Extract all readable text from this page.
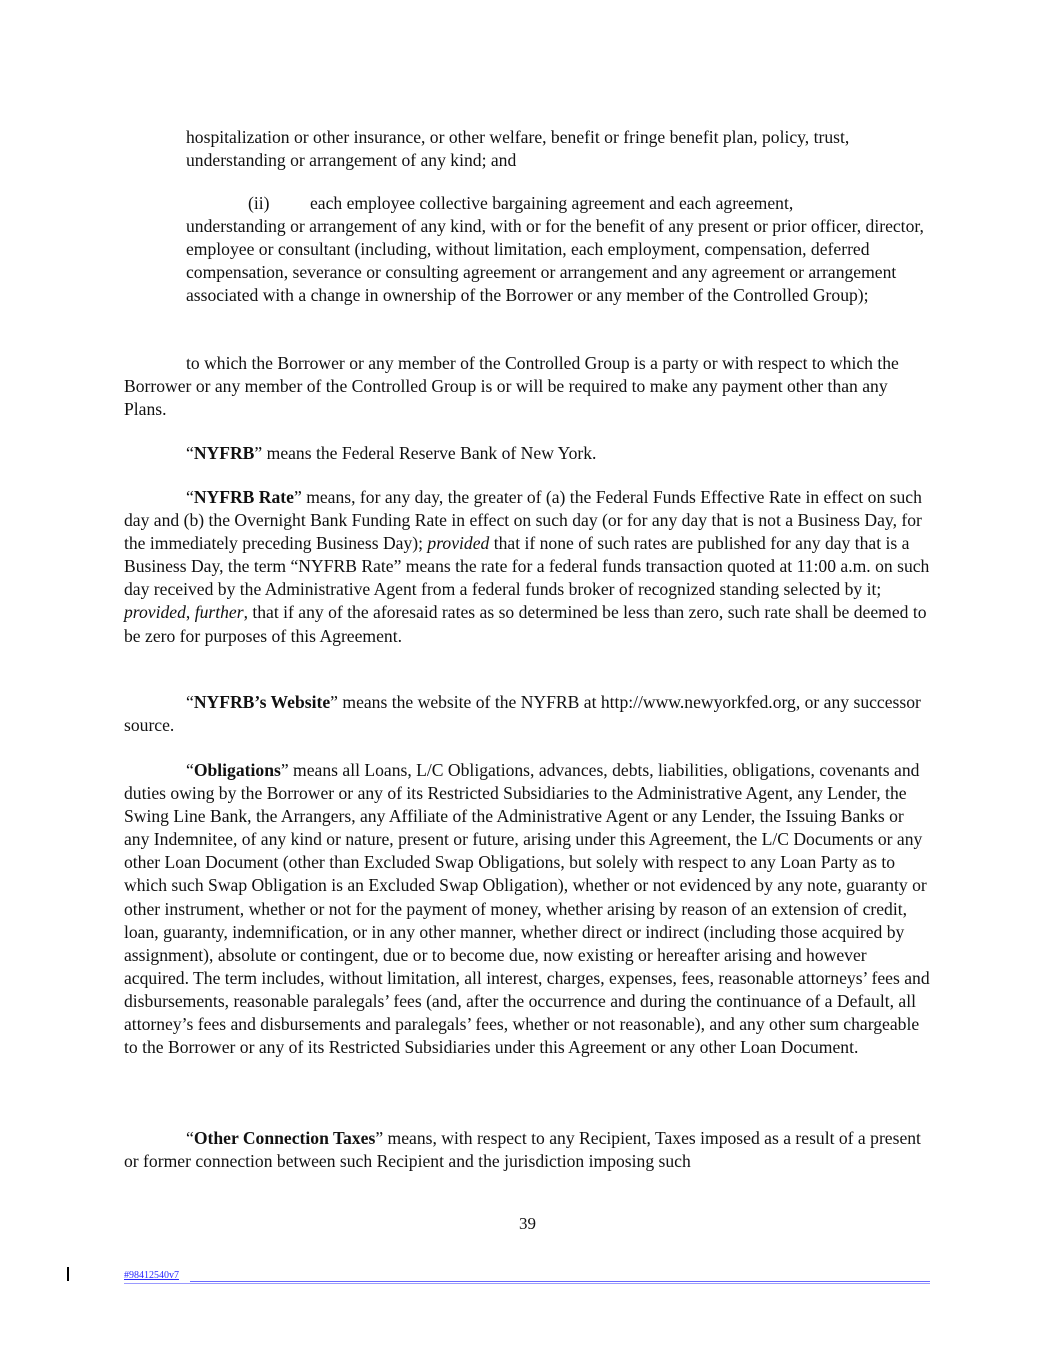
hospitalization or other insurance, or other welfare, benefit or fringe benefit plan, policy, trust, understanding or arrangement of any kind; and

(ii) each employee collective bargaining agreement and each agreement,
understanding or arrangement of any kind, with or for the benefit of any present or prior officer, director, employee or consultant (including, without limitation, each employment, compensation, deferred compensation, severance or consulting agreement or arrangement and any agreement or arrangement associated with a change in ownership of the Borrower or any member of the Controlled Group);

to which the Borrower or any member of the Controlled Group is a party or with respect to which the Borrower or any member of the Controlled Group is or will be required to make any payment other than any Plans.

“NYFRB” means the Federal Reserve Bank of New York.

“NYFRB Rate” means, for any day, the greater of (a) the Federal Funds Effective Rate in effect on such day and (b) the Overnight Bank Funding Rate in effect on such day (or for any day that is not a Business Day, for the immediately preceding Business Day); provided that if none of such rates are published for any day that is a Business Day, the term “NYFRB Rate” means the rate for a federal funds transaction quoted at 11:00 a.m. on such day received by the Administrative Agent from a federal funds broker of recognized standing selected by it; provided, further, that if any of the aforesaid rates as so determined be less than zero, such rate shall be deemed to be zero for purposes of this Agreement.

“NYFRB’s Website” means the website of the NYFRB at http://www.newyorkfed.org, or any successor source.

“Obligations” means all Loans, L/C Obligations, advances, debts, liabilities, obligations, covenants and duties owing by the Borrower or any of its Restricted Subsidiaries to the Administrative Agent, any Lender, the Swing Line Bank, the Arrangers, any Affiliate of the Administrative Agent or any Lender, the Issuing Banks or any Indemnitee, of any kind or nature, present or future, arising under this Agreement, the L/C Documents or any other Loan Document (other than Excluded Swap Obligations, but solely with respect to any Loan Party as to which such Swap Obligation is an Excluded Swap Obligation), whether or not evidenced by any note, guaranty or other instrument, whether or not for the payment of money, whether arising by reason of an extension of credit, loan, guaranty, indemnification, or in any other manner, whether direct or indirect (including those acquired by assignment), absolute or contingent, due or to become due, now existing or hereafter arising and however acquired. The term includes, without limitation, all interest, charges, expenses, fees, reasonable attorneys’ fees and disbursements, reasonable paralegals’ fees (and, after the occurrence and during the continuance of a Default, all attorney’s fees and disbursements and paralegals’ fees, whether or not reasonable), and any other sum chargeable to the Borrower or any of its Restricted Subsidiaries under this Agreement or any other Loan Document.

“Other Connection Taxes” means, with respect to any Recipient, Taxes imposed as a result of a present or former connection between such Recipient and the jurisdiction imposing such

39
#98412540v7
